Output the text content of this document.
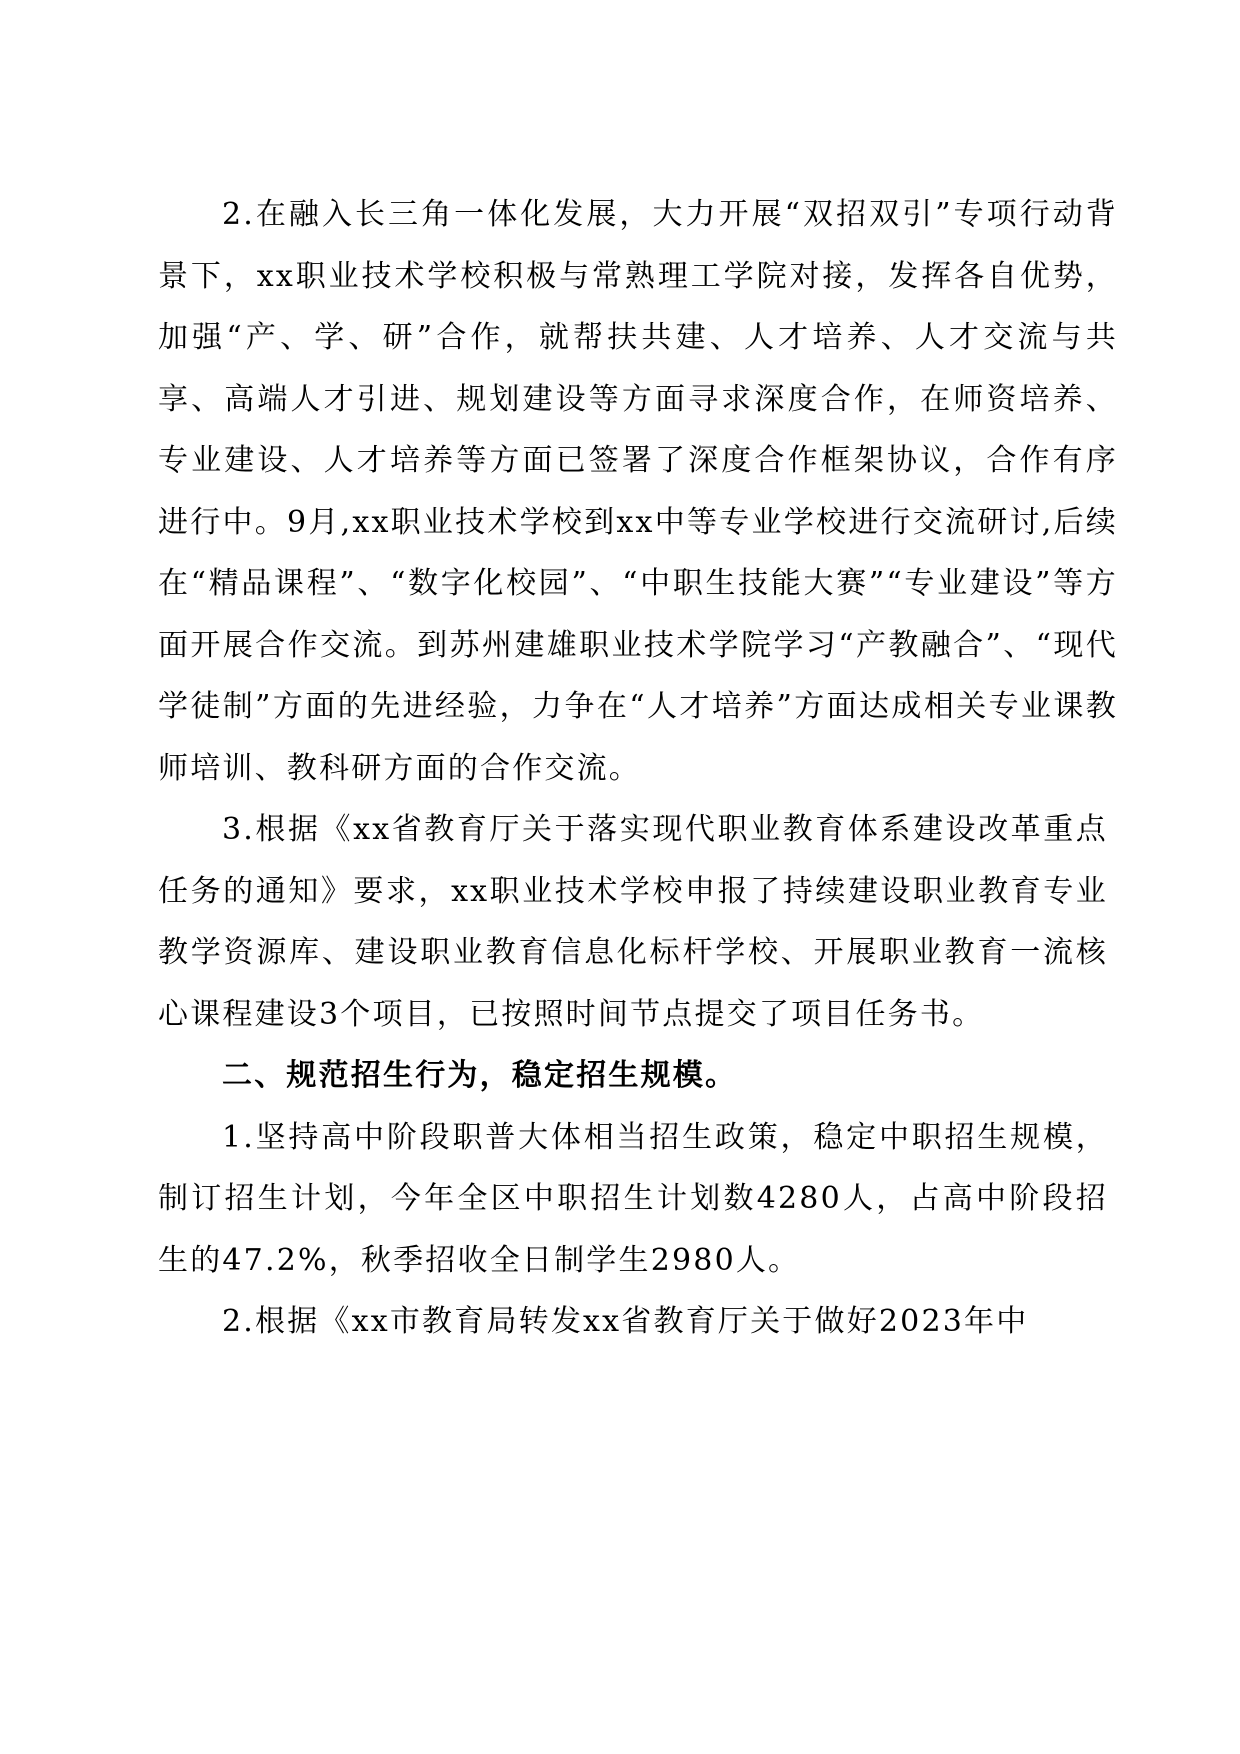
2.在融入长三角一体化发展，大力开展“双招双引”专项行动背景下，xx职业技术学校积极与常熟理工学院对接，发挥各自优势，加强“产、学、研”合作，就帮扶共建、人才培养、人才交流与共享、高端人才引进、规划建设等方面寻求深度合作，在师资培养、专业建设、人才培养等方面已签署了深度合作框架协议，合作有序进行中。9月,xx职业技术学校到xx中等专业学校进行交流研讨,后续在“精品课程”、“数字化校园”、“中职生技能大赛”“专业建设”等方面开展合作交流。到苏州建雄职业技术学院学习“产教融合”、“现代学徒制”方面的先进经验，力争在“人才培养”方面达成相关专业课教师培训、教科研方面的合作交流。

3.根据《xx省教育厅关于落实现代职业教育体系建设改革重点任务的通知》要求，xx职业技术学校申报了持续建设职业教育专业教学资源库、建设职业教育信息化标杆学校、开展职业教育一流核心课程建设3个项目，已按照时间节点提交了项目任务书。

二、规范招生行为，稳定招生规模。

1.坚持高中阶段职普大体相当招生政策，稳定中职招生规模，制订招生计划，今年全区中职招生计划数4280人，占高中阶段招生的47.2%，秋季招收全日制学生2980人。

2.根据《xx市教育局转发xx省教育厅关于做好2023年中
